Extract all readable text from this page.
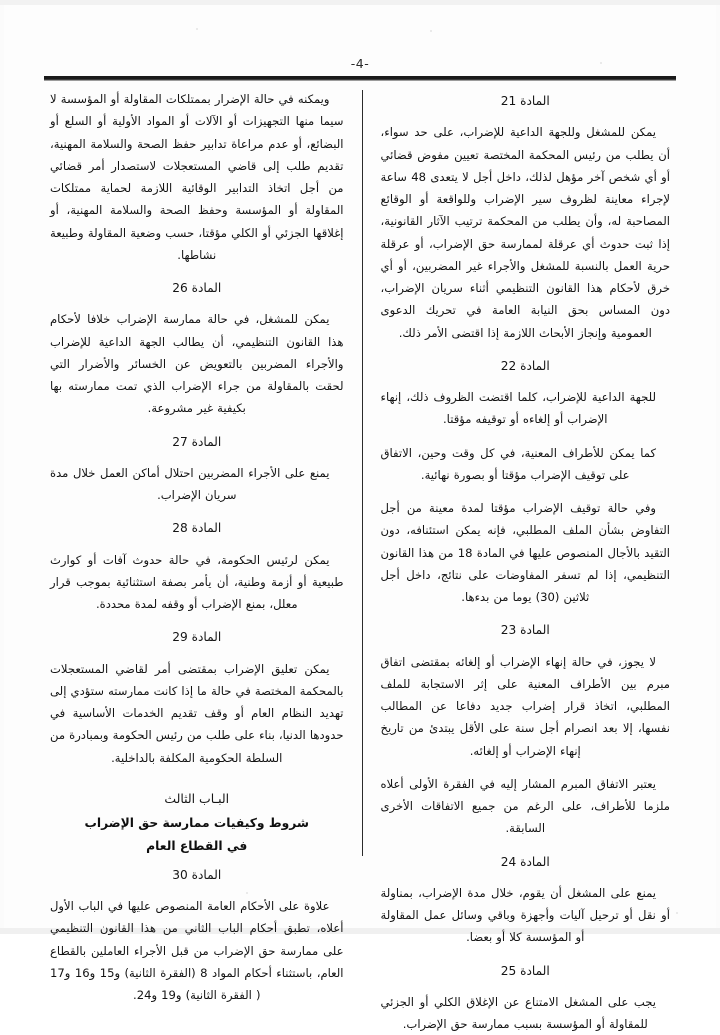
-4-
المادة 21

يمكن للمشغل وللجهة الداعية للإضراب، على حد سواء، أن يطلب من رئيس المحكمة المختصة تعيين مفوض قضائي أو أي شخص آخر مؤهل لذلك، داخل أجل لا يتعدى 48 ساعة لإجراء معاينة لظروف سير الإضراب وللواقعة أو الوقائع المصاحبة له، وأن يطلب من المحكمة ترتيب الآثار القانونية، إذا ثبت حدوث أي عرقلة لممارسة حق الإضراب، أو عرقلة حرية العمل بالنسبة للمشغل والأجراء غير المضربين، أو أي خرق لأحكام هذا القانون التنظيمي أثناء سريان الإضراب، دون المساس بحق النيابة العامة في تحريك الدعوى العمومية وإنجاز الأبحاث اللازمة إذا اقتضى الأمر ذلك.

المادة 22

للجهة الداعية للإضراب، كلما اقتضت الظروف ذلك، إنهاء الإضراب أو إلغاءه أو توقيفه مؤقتا.

كما يمكن للأطراف المعنية، في كل وقت وحين، الاتفاق على توقيف الإضراب مؤقتا أو بصورة نهائية.

وفي حالة توقيف الإضراب مؤقتا لمدة معينة من أجل التفاوض بشأن الملف المطلبي، فإنه يمكن استئنافه، دون التقيد بالأجال المنصوص عليها في المادة 18 من هذا القانون التنظيمي، إذا لم تسفر المفاوضات على نتائج، داخل أجل ثلاثين (30) يوما من بدءها.

المادة 23

لا يجوز، في حالة إنهاء الإضراب أو إلغائه بمقتضى اتفاق مبرم بين الأطراف المعنية على إثر الاستجابة للملف المطلبي، اتخاذ قرار إضراب جديد دفاعا عن المطالب نفسها، إلا بعد انصرام أجل سنة على الأقل يبتدئ من تاريخ إنهاء الإضراب أو إلغائه.

يعتبر الاتفاق المبرم المشار إليه في الفقرة الأولى أعلاه ملزما للأطراف، على الرغم من جميع الاتفاقات الأخرى السابقة.

المادة 24

يمنع على المشغل أن يقوم، خلال مدة الإضراب، بمناولة أو نقل أو ترحيل آليات وأجهزة وباقي وسائل عمل المقاولة أو المؤسسة كلا أو بعضا.

المادة 25

يجب على المشغل الامتناع عن الإغلاق الكلي أو الجزئي للمقاولة أو المؤسسة بسبب ممارسة حق الإضراب.

ويمكنه في حالة الإضرار بممتلكات المقاولة أو المؤسسة لا سيما منها التجهيزات أو الآلات أو المواد الأولية أو السلع أو البضائع، أو عدم مراعاة تدابير حفظ الصحة والسلامة المهنية، تقديم طلب إلى قاضي المستعجلات لاستصدار أمر قضائي من أجل اتخاذ التدابير الوقائية اللازمة لحماية ممتلكات المقاولة أو المؤسسة وحفظ الصحة والسلامة المهنية، أو إغلاقها الجزئي أو الكلي مؤقتا، حسب وضعية المقاولة وطبيعة نشاطها.

المادة 26

يمكن للمشغل، في حالة ممارسة الإضراب خلافا لأحكام هذا القانون التنظيمي، أن يطالب الجهة الداعية للإضراب والأجراء المضربين بالتعويض عن الخسائر والأضرار التي لحقت بالمقاولة من جراء الإضراب الذي تمت ممارسته بها بكيفية غير مشروعة.

المادة 27

يمنع على الأجراء المضربين احتلال أماكن العمل خلال مدة سريان الإضراب.

المادة 28

يمكن لرئيس الحكومة، في حالة حدوث آفات أو كوارث طبيعية أو أزمة وطنية، أن يأمر بصفة استثنائية بموجب قرار معلل، بمنع الإضراب أو وقفه لمدة محددة.

المادة 29

يمكن تعليق الإضراب بمقتضى أمر لقاضي المستعجلات بالمحكمة المختصة في حالة ما إذا كانت ممارسته ستؤدي إلى تهديد النظام العام أو وقف تقديم الخدمات الأساسية في حدودها الدنيا، بناء على طلب من رئيس الحكومة وبمبادرة من السلطة الحكومية المكلفة بالداخلية.

البـاب الثالث
شروط وكيفيات ممارسة حق الإضراب
في القطاع العام
المادة 30

علاوة على الأحكام العامة المنصوص عليها في الباب الأول أعلاه، تطبق أحكام الباب الثاني من هذا القانون التنظيمي على ممارسة حق الإضراب من قبل الأجراء العاملين بالقطاع العام، باستثناء أحكام المواد 8 (الفقرة الثانية) و15 و16 و17 ( الفقرة الثانية) و19 و24.
